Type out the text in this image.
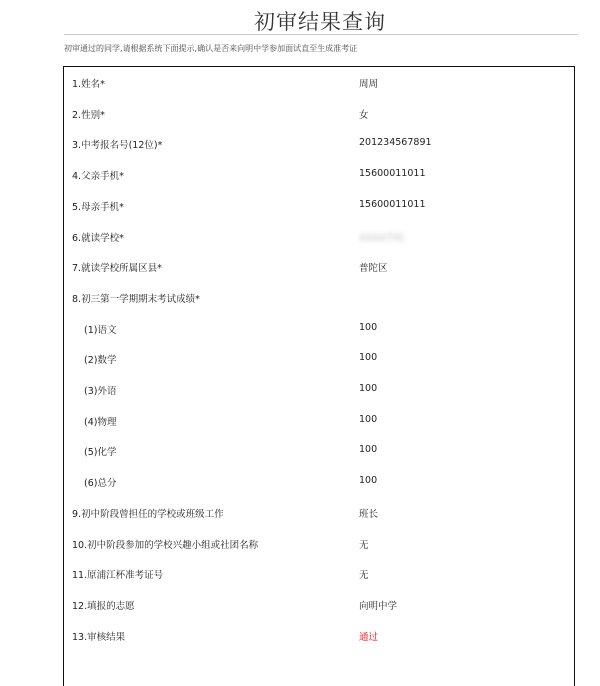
初审结果查询
初审通过的同学,请根据系统下面提示,确认是否来向明中学参加面试直至生成准考证
1.姓名*	周周
2.性别*	女
3.中考报名号(12位)*	201234567891
4.父亲手机*	15600011011
5.母亲手机*	15600011011
6.就读学校*	XXXX学校
7.就读学校所属区县*	普陀区
8.初三第一学期期末考试成绩*
(1)语文	100
(2)数学	100
(3)外语	100
(4)物理	100
(5)化学	100
(6)总分	100
9.初中阶段曾担任的学校或班级工作	班长
10.初中阶段参加的学校兴趣小组或社团名称	无
11.原浦江杯准考证号	无
12.填报的志愿	向明中学
13.审核结果	通过
